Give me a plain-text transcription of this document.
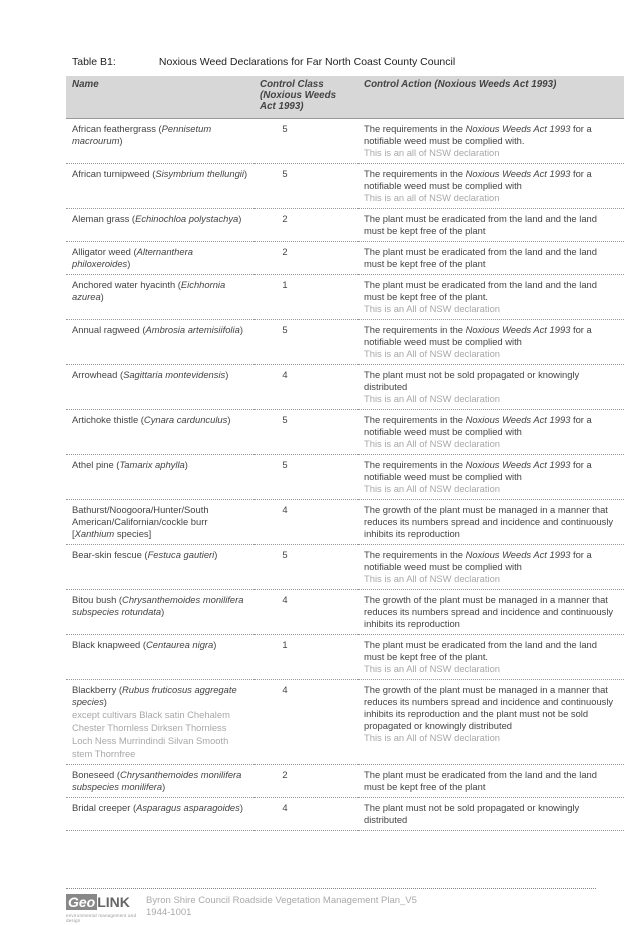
Table B1:	Noxious Weed Declarations for Far North Coast County Council
Name	Control Class (Noxious Weeds Act 1993)	Control Action (Noxious Weeds Act 1993)
African feathergrass (Pennisetum macrourum)	5	The requirements in the Noxious Weeds Act 1993 for a notifiable weed must be complied with.
This is an all of NSW declaration

African turnipweed (Sisymbrium thellungii)	5	The requirements in the Noxious Weeds Act 1993 for a notifiable weed must be complied with
This is an all of NSW declaration

Aleman grass (Echinochloa polystachya)	2	The plant must be eradicated from the land and the land must be kept free of the plant
Alligator weed (Alternanthera philoxeroides)	2	The plant must be eradicated from the land and the land must be kept free of the plant
Anchored water hyacinth (Eichhornia azurea)	1	The plant must be eradicated from the land and the land must be kept free of the plant.
This is an All of NSW declaration

Annual ragweed (Ambrosia artemisiifolia)	5	The requirements in the Noxious Weeds Act 1993 for a notifiable weed must be complied with
This is an All of NSW declaration

Arrowhead (Sagittaria montevidensis)	4	The plant must not be sold propagated or knowingly distributed
This is an All of NSW declaration

Artichoke thistle (Cynara cardunculus)	5	The requirements in the Noxious Weeds Act 1993 for a notifiable weed must be complied with
This is an All of NSW declaration

Athel pine (Tamarix aphylla)	5	The requirements in the Noxious Weeds Act 1993 for a notifiable weed must be complied with
This is an All of NSW declaration

Bathurst/Noogoora/Hunter/South American/Californian/cockle burr [Xanthium species]	4	The growth of the plant must be managed in a manner that reduces its numbers spread and incidence and continuously inhibits its reproduction
Bear-skin fescue (Festuca gautieri)	5	The requirements in the Noxious Weeds Act 1993 for a notifiable weed must be complied with
This is an All of NSW declaration

Bitou bush (Chrysanthemoides monilifera subspecies rotundata)	4	The growth of the plant must be managed in a manner that reduces its numbers spread and incidence and continuously inhibits its reproduction
Black knapweed (Centaurea nigra)	1	The plant must be eradicated from the land and the land must be kept free of the plant.
This is an All of NSW declaration

Blackberry (Rubus fruticosus aggregate species)
except cultivars Black satin Chehalem Chester Thornless Dirksen Thornless Loch Ness Murrindindi Silvan Smooth stem Thornfree	4	The growth of the plant must be managed in a manner that reduces its numbers spread and incidence and continuously inhibits its reproduction and the plant must not be sold propagated or knowingly distributed
This is an All of NSW declaration

Boneseed (Chrysanthemoides monilifera subspecies monilifera)	2	The plant must be eradicated from the land and the land must be kept free of the plant
Bridal creeper (Asparagus asparagoides)	4	The plant must not be sold propagated or knowingly distributed
Geo LINK
environmental management and design
Byron Shire Council Roadside Vegetation Management Plan_V5
1944-1001
